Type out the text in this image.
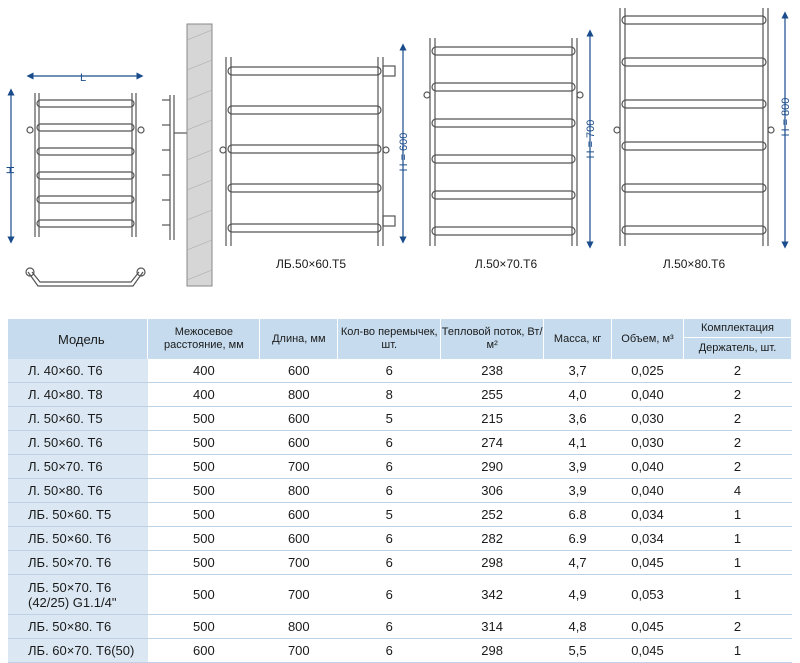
L
H	H = 600
ЛБ.50×60.Т5
H = 700
Л.50×70.Т6
H = 800
Л.50×80.Т6
Модель	Межосевое расстояние, мм	Длина, мм	Кол-во перемычек, шт.	Тепловой поток, Вт/м²	Масса, кг	Объем, м³	Комплектация
							Держатель, шт.
Л. 40×60. Т6	400	600	6	238	3,7	0,025	2
Л. 40×80. Т8	400	800	8	255	4,0	0,040	2
Л. 50×60. Т5	500	600	5	215	3,6	0,030	2
Л. 50×60. Т6	500	600	6	274	4,1	0,030	2
Л. 50×70. Т6	500	700	6	290	3,9	0,040	2
Л. 50×80. Т6	500	800	6	306	3,9	0,040	4
ЛБ. 50×60. Т5	500	600	5	252	6.8	0,034	1
ЛБ. 50×60. Т6	500	600	6	282	6.9	0,034	1
ЛБ. 50×70. Т6	500	700	6	298	4,7	0,045	1
ЛБ. 50×70. Т6
(42/25) G1.1/4"	500	700	6	342	4,9	0,053	1
ЛБ. 50×80. Т6	500	800	6	314	4,8	0,045	2
ЛБ. 60×70. Т6(50)	600	700	6	298	5,5	0,045	1
